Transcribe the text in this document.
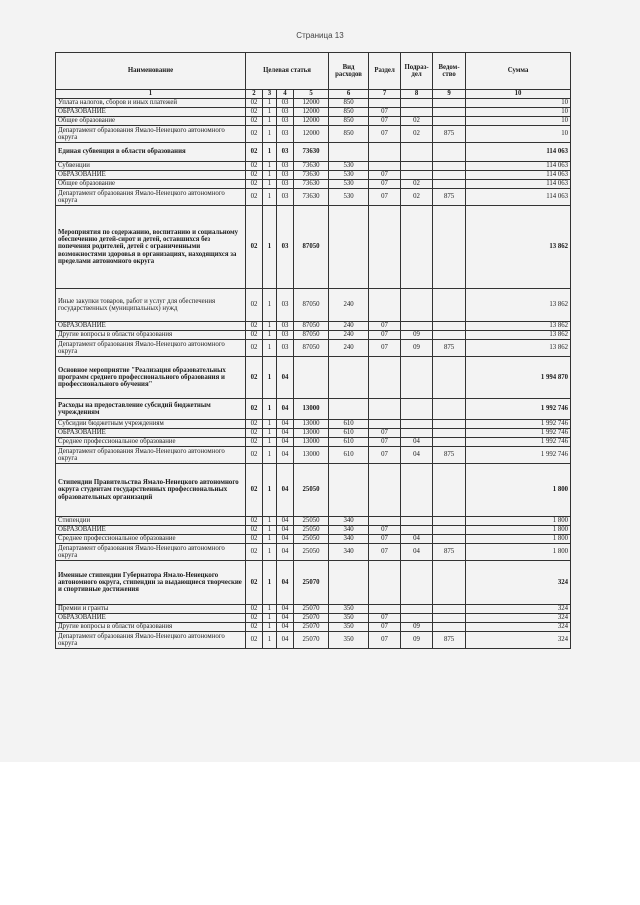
Страница 13
Наименование	Целевая статья				Вид расходов	Раздел	Подраз-дел	Ведом-ство	Сумма
1	2	3	4	5	6	7	8	9	10
Уплата налогов, сборов и иных платежей	02	1	03	12000	850				10
ОБРАЗОВАНИЕ	02	1	03	12000	850	07			10
Общее образование	02	1	03	12000	850	07	02		10
Департамент образования Ямало-Ненецкого автономного округа	02	1	03	12000	850	07	02	875	10
Единая субвенция в области образования	02	1	03	73630					114 063
Субвенции	02	1	03	73630	530				114 063
ОБРАЗОВАНИЕ	02	1	03	73630	530	07			114 063
Общее образование	02	1	03	73630	530	07	02		114 063
Департамент образования Ямало-Ненецкого автономного округа	02	1	03	73630	530	07	02	875	114 063
Мероприятия по содержанию, воспитанию и социальному обеспечению детей-сирот и детей, оставшихся без попечения родителей, детей с ограниченными возможностями здоровья в организациях, находящихся за пределами автономного округа	02	1	03	87050					13 862
Иные закупки товаров, работ и услуг для обеспечения государственных (муниципальных) нужд	02	1	03	87050	240				13 862
ОБРАЗОВАНИЕ	02	1	03	87050	240	07			13 862
Другие вопросы в области образования	02	1	03	87050	240	07	09		13 862
Департамент образования Ямало-Ненецкого автономного округа	02	1	03	87050	240	07	09	875	13 862
Основное мероприятие "Реализация образовательных программ среднего профессионального образования и профессионального обучения"	02	1	04						1 994 870
Расходы на предоставление субсидий бюджетным учреждениям	02	1	04	13000					1 992 746
Субсидии бюджетным учреждениям	02	1	04	13000	610				1 992 746
ОБРАЗОВАНИЕ	02	1	04	13000	610	07			1 992 746
Среднее профессиональное образование	02	1	04	13000	610	07	04		1 992 746
Департамент образования Ямало-Ненецкого автономного округа	02	1	04	13000	610	07	04	875	1 992 746
Стипендии Правительства Ямало-Ненецкого автономного округа студентам государственных профессиональных образовательных организаций	02	1	04	25050					1 800
Стипендии	02	1	04	25050	340				1 800
ОБРАЗОВАНИЕ	02	1	04	25050	340	07			1 800
Среднее профессиональное образование	02	1	04	25050	340	07	04		1 800
Департамент образования Ямало-Ненецкого автономного округа	02	1	04	25050	340	07	04	875	1 800
Именные стипендии Губернатора Ямало-Ненецкого автономного округа, стипендии за выдающиеся творческие и спортивные достижения	02	1	04	25070					324
Премии и гранты	02	1	04	25070	350				324
ОБРАЗОВАНИЕ	02	1	04	25070	350	07			324
Другие вопросы в области образования	02	1	04	25070	350	07	09		324
Департамент образования Ямало-Ненецкого автономного округа	02	1	04	25070	350	07	09	875	324
